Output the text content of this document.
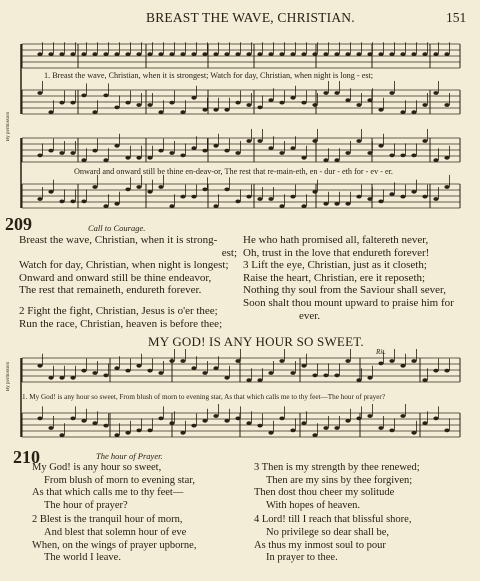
BREAST THE WAVE, CHRISTIAN.	151
1. Breast the wave, Christian, when it is strongest; Watch for day, Christian, when night is long - est;
Onward and onward still be thine en-deav-or, The rest that re-main-eth, en - dur - eth for - ev - er.
By permission
209	Call to Courage.
Breast the wave, Christian, when it is strong-
est;
Watch for day, Christian, when night is longest;
Onward and onward still be thine endeavor,
The rest that remaineth, endureth forever.
2 Fight the fight, Christian, Jesus is o'er thee;
Run the race, Christian, heaven is before thee;
He who hath promised all, faltereth never,
Oh, trust in the love that endureth forever!
3 Lift the eye, Christian, just as it closeth;
Raise the heart, Christian, ere it reposeth;
Nothing thy soul from the Saviour shall sever,
Soon shalt thou mount upward to praise him for
ever.
MY GOD! IS ANY HOUR SO SWEET.
Rit.
1. My God! is any hour so sweet, From blush of morn to evening star, As that which calls me to thy feet—The hour of prayer?
By permission
210	The hour of Prayer.
My God! is any hour so sweet,
From blush of morn to evening star,
As that which calls me to thy feet—
The hour of prayer?
2 Blest is the tranquil hour of morn,
And blest that solemn hour of eve
When, on the wings of prayer upborne,
The world I leave.
3 Then is my strength by thee renewed;
Then are my sins by thee forgiven;
Then dost thou cheer my solitude
With hopes of heaven.
4 Lord! till I reach that blissful shore,
No privilege so dear shall be,
As thus my inmost soul to pour
In prayer to thee.
